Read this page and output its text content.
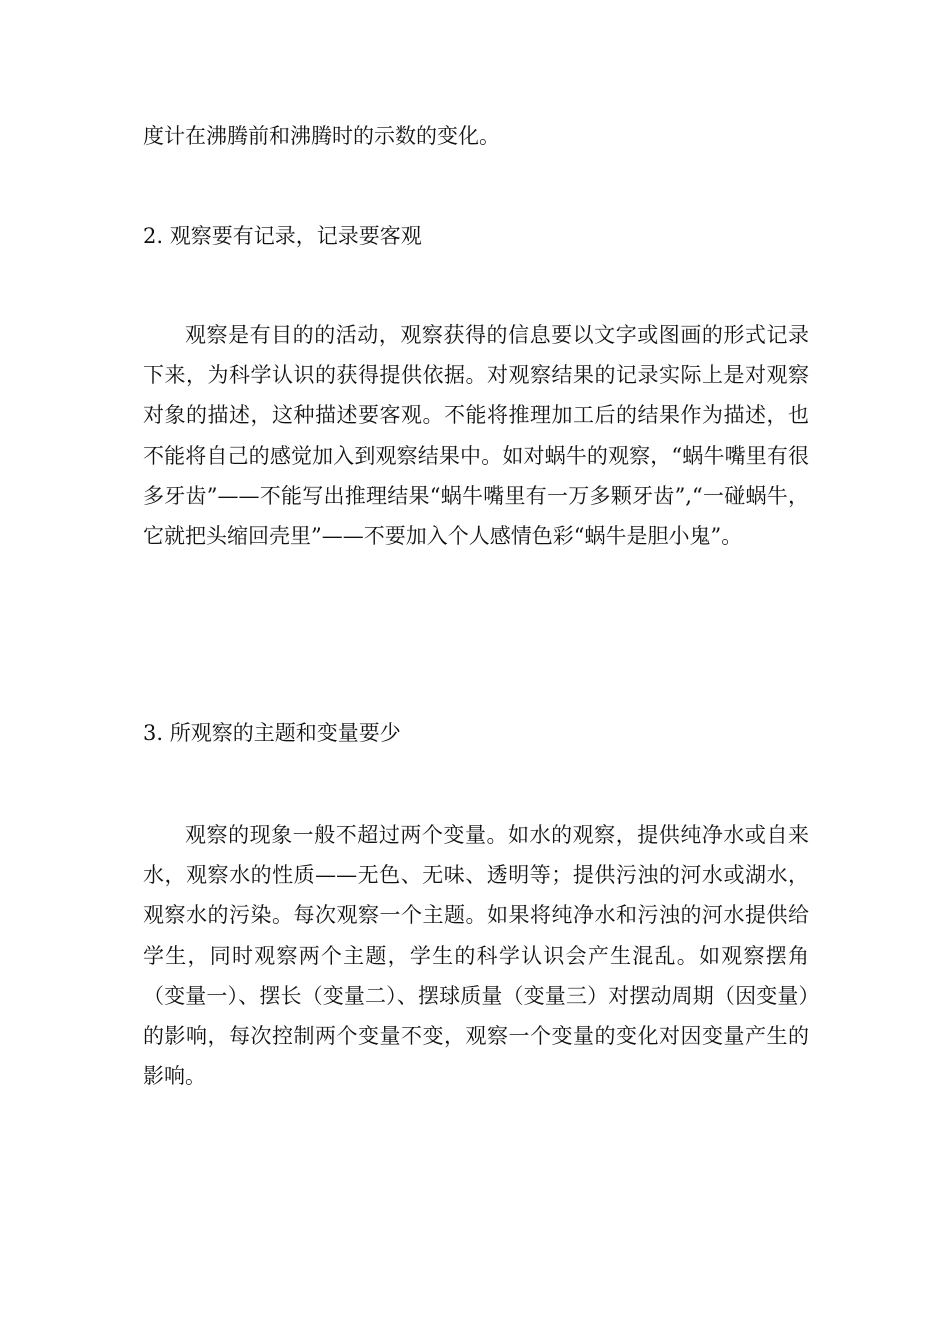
度计在沸腾前和沸腾时的示数的变化。
2. 观察要有记录，记录要客观
观察是有目的的活动，观察获得的信息要以文字或图画的形式记录下来，为科学认识的获得提供依据。对观察结果的记录实际上是对观察对象的描述，这种描述要客观。不能将推理加工后的结果作为描述，也不能将自己的感觉加入到观察结果中。如对蜗牛的观察，“蜗牛嘴里有很多牙齿”——不能写出推理结果“蜗牛嘴里有一万多颗牙齿”,“一碰蜗牛，它就把头缩回壳里”——不要加入个人感情色彩“蜗牛是胆小鬼”。
3. 所观察的主题和变量要少
观察的现象一般不超过两个变量。如水的观察，提供纯净水或自来水，观察水的性质——无色、无味、透明等；提供污浊的河水或湖水，观察水的污染。每次观察一个主题。如果将纯净水和污浊的河水提供给学生，同时观察两个主题，学生的科学认识会产生混乱。如观察摆角（变量一）、摆长（变量二）、摆球质量（变量三）对摆动周期（因变量）的影响，每次控制两个变量不变，观察一个变量的变化对因变量产生的影响。
